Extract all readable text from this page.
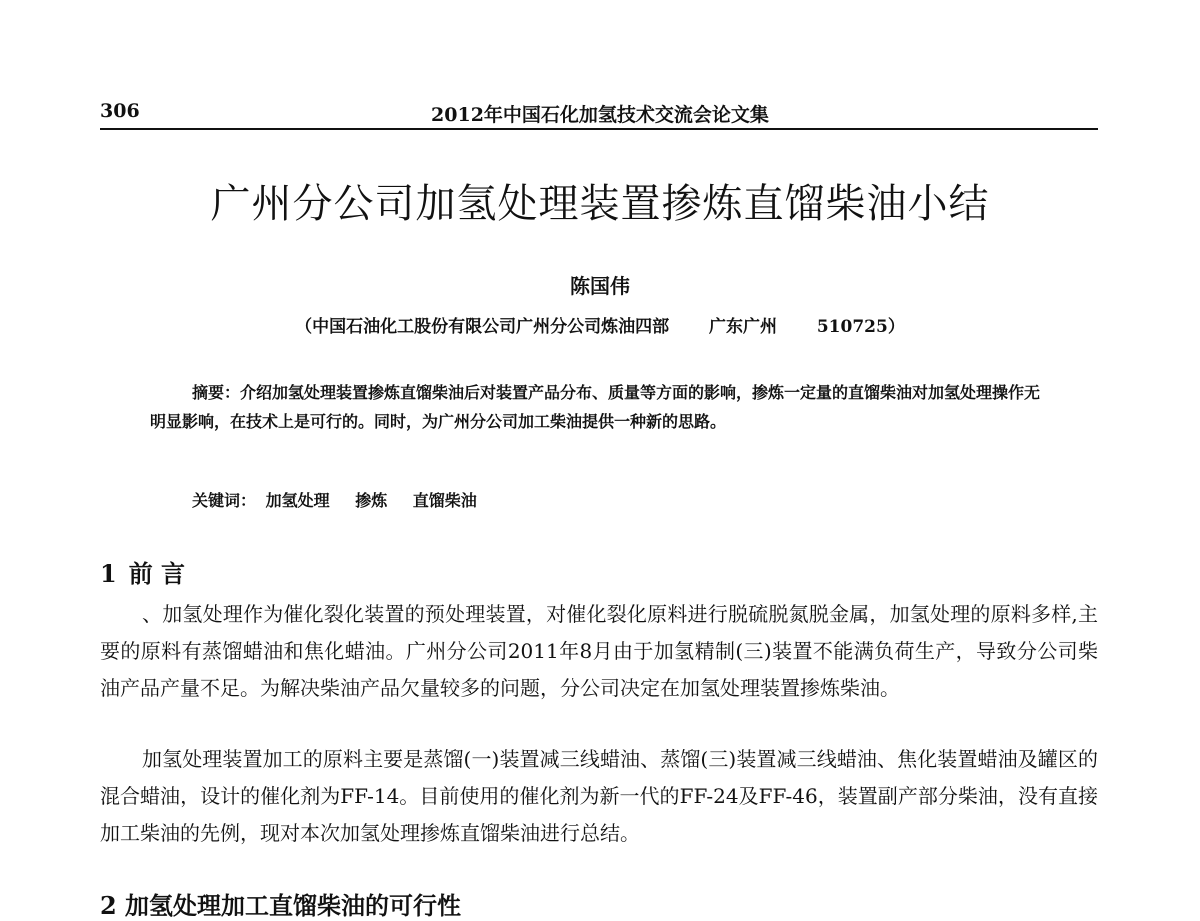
306	2012年中国石化加氢技术交流会论文集
广州分公司加氢处理装置掺炼直馏柴油小结
陈国伟
（中国石油化工股份有限公司广州分公司炼油四部 广东广州 510725）
摘要：介绍加氢处理装置掺炼直馏柴油后对装置产品分布、质量等方面的影响，掺炼一定量的直馏柴油对加氢处理操作无明显影响，在技术上是可行的。同时，为广州分公司加工柴油提供一种新的思路。
关键词： 加氢处理 掺炼 直馏柴油
1 前 言
、加氢处理作为催化裂化装置的预处理装置，对催化裂化原料进行脱硫脱氮脱金属，加氢处理的原料多样,主要的原料有蒸馏蜡油和焦化蜡油。广州分公司2011年8月由于加氢精制(三)装置不能满负荷生产，导致分公司柴油产品产量不足。为解决柴油产品欠量较多的问题，分公司决定在加氢处理装置掺炼柴油。
加氢处理装置加工的原料主要是蒸馏(一)装置减三线蜡油、蒸馏(三)装置减三线蜡油、焦化装置蜡油及罐区的混合蜡油，设计的催化剂为FF-14。目前使用的催化剂为新一代的FF-24及FF-46，装置副产部分柴油，没有直接加工柴油的先例，现对本次加氢处理掺炼直馏柴油进行总结。
2 加氢处理加工直馏柴油的可行性
